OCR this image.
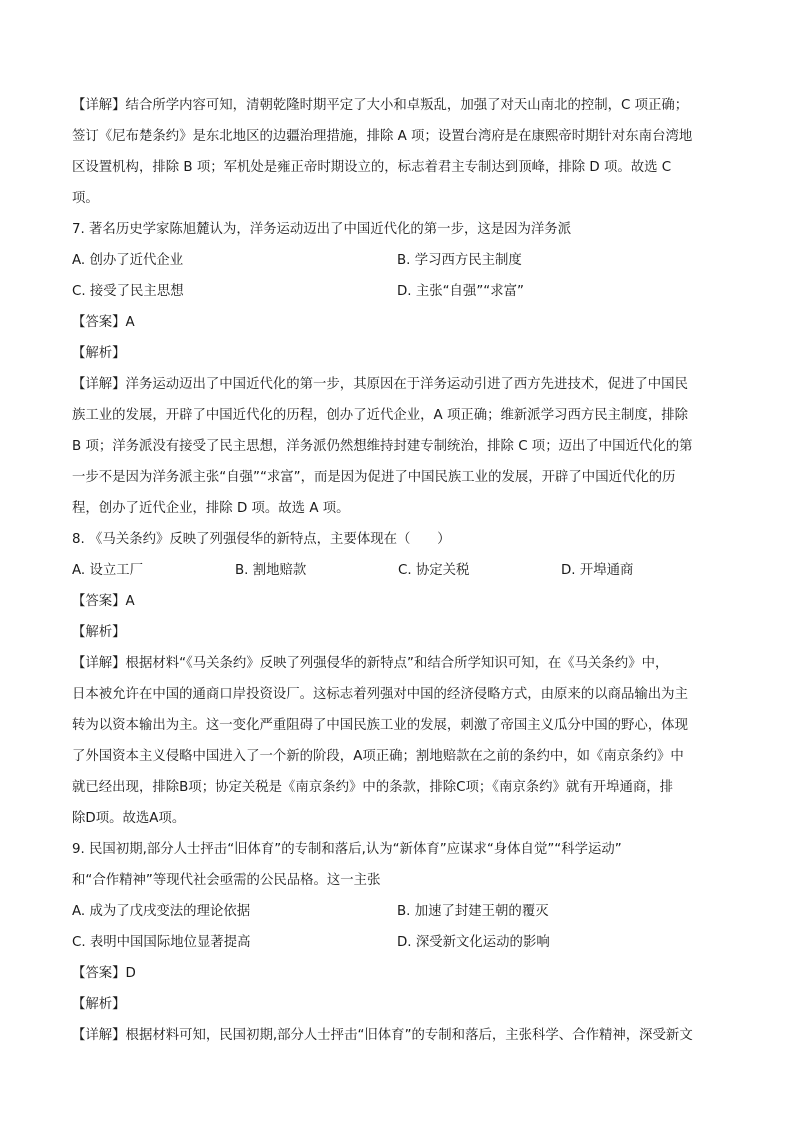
【详解】结合所学内容可知，清朝乾隆时期平定了大小和卓叛乱，加强了对天山南北的控制，C 项正确；
签订《尼布楚条约》是东北地区的边疆治理措施，排除 A 项；设置台湾府是在康熙帝时期针对东南台湾地
区设置机构，排除 B 项；军机处是雍正帝时期设立的，标志着君主专制达到顶峰，排除 D 项。故选 C
项。
7. 著名历史学家陈旭麓认为，洋务运动迈出了中国近代化的第一步，这是因为洋务派
A. 创办了近代企业	B. 学习西方民主制度
C. 接受了民主思想	D. 主张“自强”“求富”
【答案】A
【解析】
【详解】洋务运动迈出了中国近代化的第一步，其原因在于洋务运动引进了西方先进技术，促进了中国民
族工业的发展，开辟了中国近代化的历程，创办了近代企业，A 项正确；维新派学习西方民主制度，排除
B 项；洋务派没有接受了民主思想，洋务派仍然想维持封建专制统治，排除 C 项；迈出了中国近代化的第
一步不是因为洋务派主张“自强”“求富”，而是因为促进了中国民族工业的发展，开辟了中国近代化的历
程，创办了近代企业，排除 D 项。故选 A 项。
8. 《马关条约》反映了列强侵华的新特点，主要体现在（　　）
A. 设立工厂	B. 割地赔款	C. 协定关税	D. 开埠通商
【答案】A
【解析】
【详解】根据材料“《马关条约》反映了列强侵华的新特点”和结合所学知识可知，在《马关条约》中，
日本被允许在中国的通商口岸投资设厂。这标志着列强对中国的经济侵略方式，由原来的以商品输出为主
转为以资本输出为主。这一变化严重阻碍了中国民族工业的发展，刺激了帝国主义瓜分中国的野心，体现
了外国资本主义侵略中国进入了一个新的阶段，A项正确；割地赔款在之前的条约中，如《南京条约》中
就已经出现，排除B项；协定关税是《南京条约》中的条款，排除C项；《南京条约》就有开埠通商，排
除D项。故选A项。
9. 民国初期,部分人士抨击“旧体育”的专制和落后,认为“新体育”应谋求“身体自觉”“科学运动”
和“合作精神”等现代社会亟需的公民品格。这一主张
A. 成为了戊戌变法的理论依据	B. 加速了封建王朝的覆灭
C. 表明中国国际地位显著提高	D. 深受新文化运动的影响
【答案】D
【解析】
【详解】根据材料可知，民国初期,部分人士抨击“旧体育”的专制和落后，主张科学、合作精神，深受新文
